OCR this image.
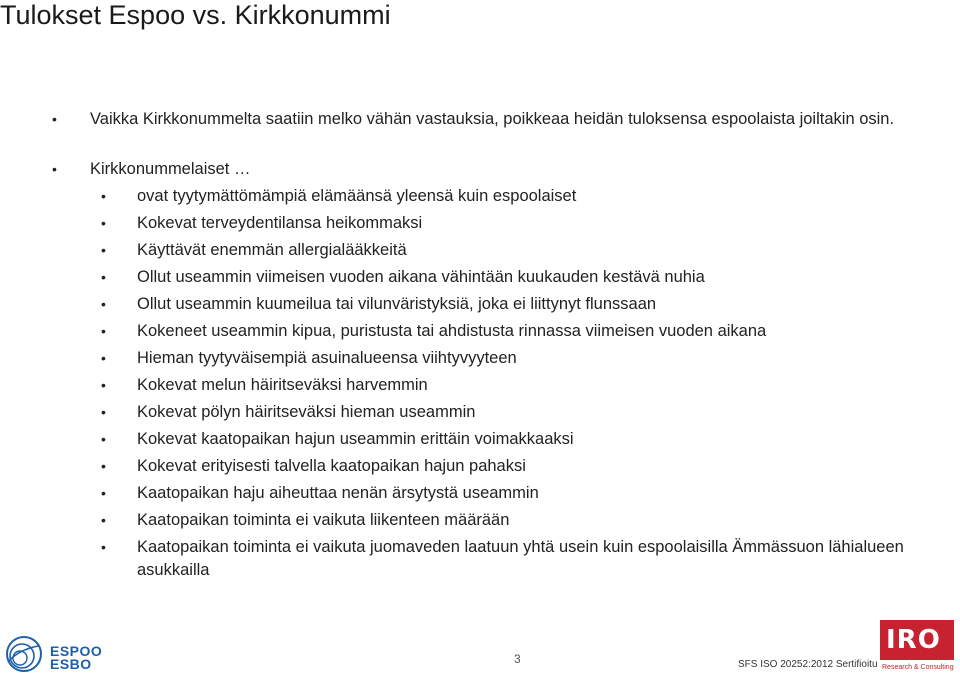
Tulokset Espoo vs. Kirkkonummi
• Vaikka Kirkkonummelta saatiin melko vähän vastauksia, poikkeaa heidän tuloksensa espoolaista joiltakin osin.
• Kirkkonummelaiset …
• ovat tyytymättömämpiä elämäänsä yleensä kuin espoolaiset
• Kokevat terveydentilansa heikommaksi
• Käyttävät enemmän allergialääkkeitä
• Ollut useammin viimeisen vuoden aikana vähintään kuukauden kestävä nuhia
• Ollut useammin kuumeilua tai vilunväristyksiä, joka ei liittynyt flunssaan
• Kokeneet useammin kipua, puristusta tai ahdistusta rinnassa viimeisen vuoden aikana
• Hieman tyytyväisempiä asuinalueensa viihtyvyyteen
• Kokevat melun häiritseväksi harvemmin
• Kokevat pölyn häiritseväksi hieman useammin
• Kokevat kaatopaikan hajun useammin erittäin voimakkaaksi
• Kokevat erityisesti talvella kaatopaikan hajun pahaksi
• Kaatopaikan haju aiheuttaa nenän ärsytystä useammin
• Kaatopaikan toiminta ei vaikuta liikenteen määrään
• Kaatopaikan toiminta ei vaikuta juomaveden laatuun yhtä usein kuin espoolaisilla Ämmässuon lähialueen asukkailla
ESPOO
ESBO	3	SFS ISO 20252:2012 Sertifioitu
IRO
Research & Consulting
